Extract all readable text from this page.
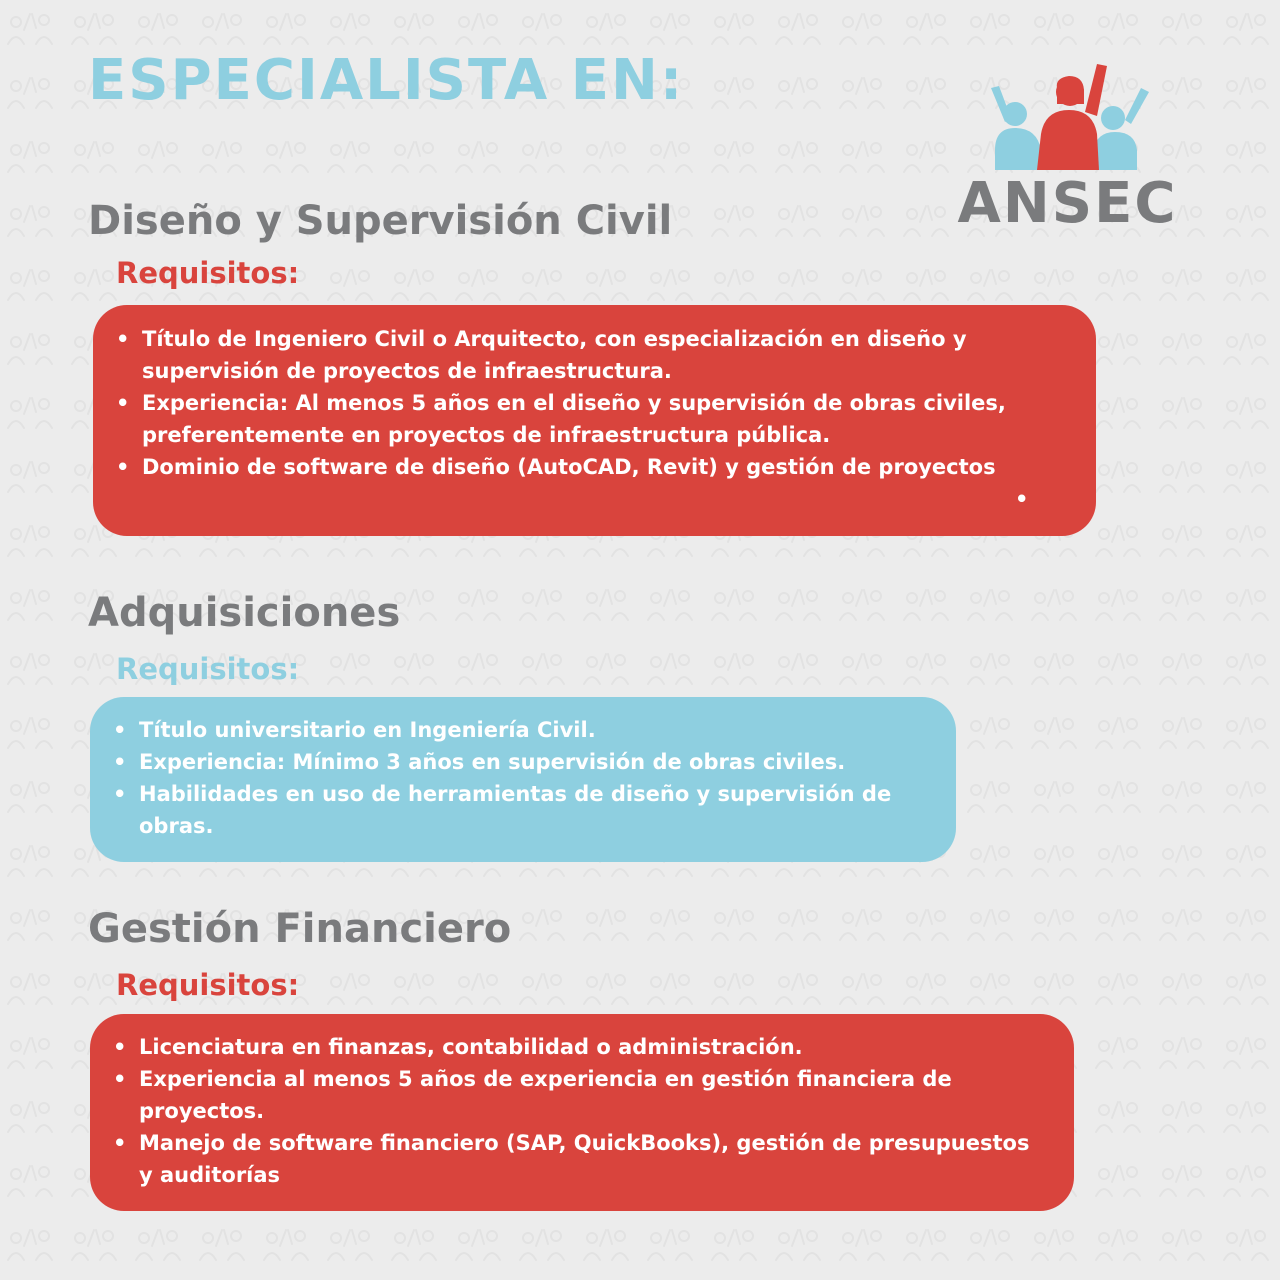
ESPECIALISTA EN:
ANSEC
Diseño y Supervisión Civil
Requisitos:
• Título de Ingeniero Civil o Arquitecto, con especialización en diseño y supervisión de proyectos de infraestructura.
• Experiencia: Al menos 5 años en el diseño y supervisión de obras civiles, preferentemente en proyectos de infraestructura pública.
• Dominio de software de diseño (AutoCAD, Revit) y gestión de proyectos
•
Adquisiciones
Requisitos:
• Título universitario en Ingeniería Civil.
• Experiencia: Mínimo 3 años en supervisión de obras civiles.
• Habilidades en uso de herramientas de diseño y supervisión de obras.
Gestión Financiero
Requisitos:
• Licenciatura en finanzas, contabilidad o administración.
• Experiencia al menos 5 años de experiencia en gestión financiera de proyectos.
• Manejo de software financiero (SAP, QuickBooks), gestión de presupuestos y auditorías
